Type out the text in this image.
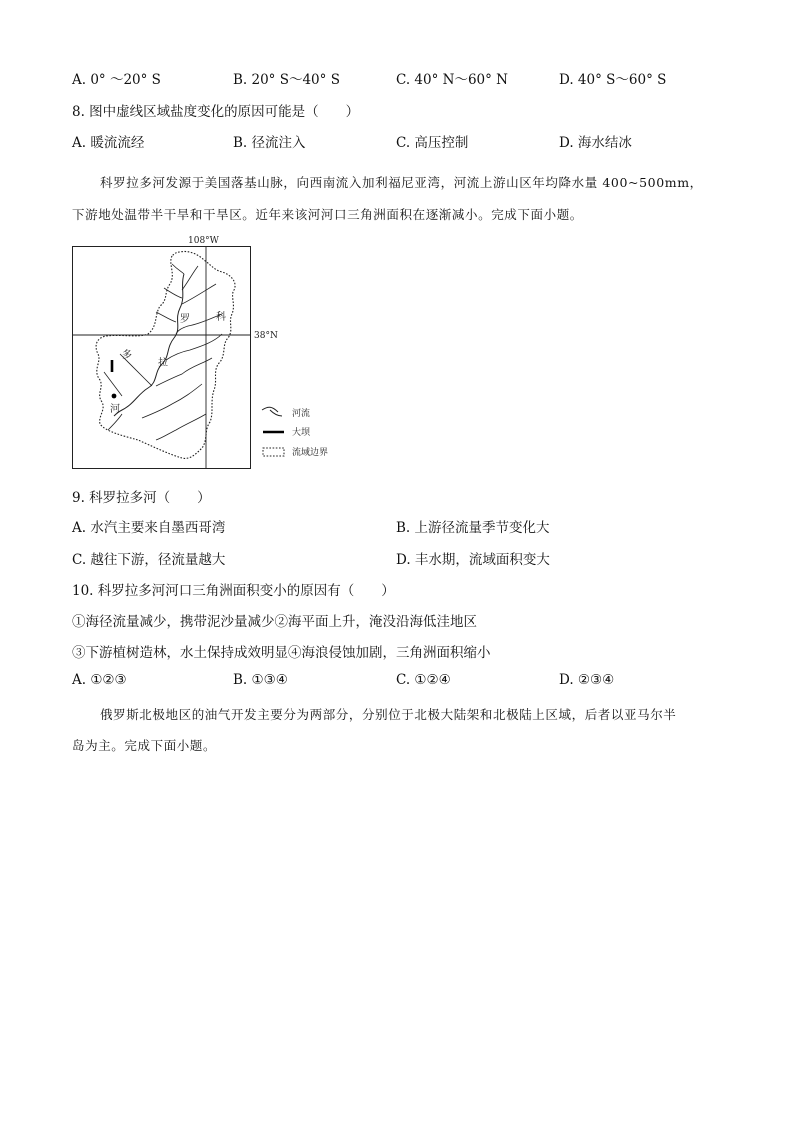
A. 0° ～20° S	B. 20° S～40° S	C. 40° N～60° N	D. 40° S～60° S
8. 图中虚线区域盐度变化的原因可能是（　　）
A. 暖流流经	B. 径流注入	C. 高压控制	D. 海水结冰
科罗拉多河发源于美国落基山脉，向西南流入加利福尼亚湾，河流上游山区年均降水量 400~500mm，
下游地处温带半干旱和干旱区。近年来该河河口三角洲面积在逐渐减小。完成下面小题。
108°W
38°N
科
罗
拉
多
河	河流
大坝
流域边界
9. 科罗拉多河（　　）
A. 水汽主要来自墨西哥湾	B. 上游径流量季节变化大
C. 越往下游，径流量越大	D. 丰水期，流域面积变大
10. 科罗拉多河河口三角洲面积变小的原因有（　　）
①海径流量减少，携带泥沙量减少②海平面上升，淹没沿海低洼地区
③下游植树造林，水土保持成效明显④海浪侵蚀加剧，三角洲面积缩小
A. ①②③	B. ①③④	C. ①②④	D. ②③④
俄罗斯北极地区的油气开发主要分为两部分，分别位于北极大陆架和北极陆上区域，后者以亚马尔半
岛为主。完成下面小题。
